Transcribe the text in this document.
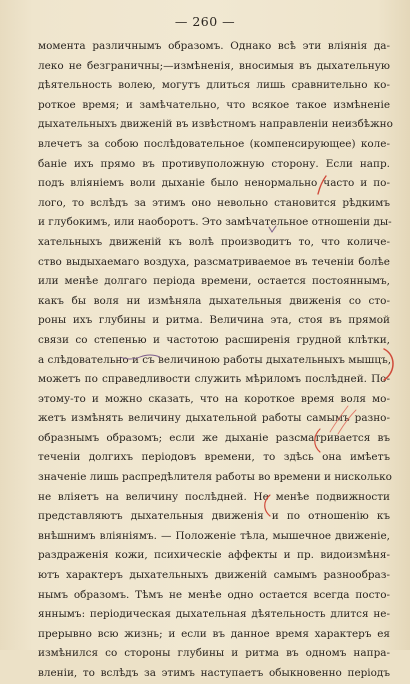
— 260 —
момента различнымъ образомъ. Однако всѣ эти вліянія да-
леко не безграничны;—измѣненія, вносимыя въ дыхательную
дѣятельность волею, могутъ длиться лишь сравнительно ко-
роткое время; и замѣчательно, что всякое такое измѣненіе
дыхательныхъ движеній въ извѣстномъ направленіи неизбѣжно
влечетъ за собою послѣдовательное (компенсирующее) коле-
баніе ихъ прямо въ противуположную сторону. Если напр.
подъ вліяніемъ воли дыханіе было ненормально часто и по-
лого, то вслѣдъ за этимъ оно невольно становится рѣдкимъ
и глубокимъ, или наоборотъ. Это замѣчательное отношеніи ды-
хательныхъ движеній къ волѣ производитъ то, что количе-
ство выдыхаемаго воздуха, разсматриваемое въ теченіи болѣе
или менѣе долгаго періода времени, остается постояннымъ,
какъ бы воля ни измѣняла дыхательныя движенія со сто-
роны ихъ глубины и ритма. Величина эта, стоя въ прямой
связи со степенью и частотою расширенія грудной клѣтки,
а слѣдовательно и съ величиною работы дыхательныхъ мышцъ,
можетъ по справедливости служить мѣриломъ послѣдней. По-
этому-то и можно сказать, что на короткое время воля мо-
жетъ измѣнять величину дыхательной работы самымъ разно-
образнымъ образомъ; если же дыханіе разсматривается въ
теченіи долгихъ періодовъ времени, то здѣсь она имѣетъ
значеніе лишь распредѣлителя работы во времени и нисколько
не вліяетъ на величину послѣдней. Не менѣе подвижности
представляютъ дыхательныя движенія и по отношенію къ
внѣшнимъ вліяніямъ. — Положеніе тѣла, мышечное движеніе,
раздраженія кожи, психическіе аффекты и пр. видоизмѣня-
ютъ характеръ дыхательныхъ движеній самымъ разнообраз-
нымъ образомъ. Тѣмъ не менѣе одно остается всегда посто-
яннымъ: періодическая дыхательная дѣятельность длится не-
прерывно всю жизнь; и если въ данное время характеръ ея
измѣнился со стороны глубины и ритма въ одномъ напра-
вленіи, то вслѣдъ за этимъ наступаетъ обыкновенно періодъ
